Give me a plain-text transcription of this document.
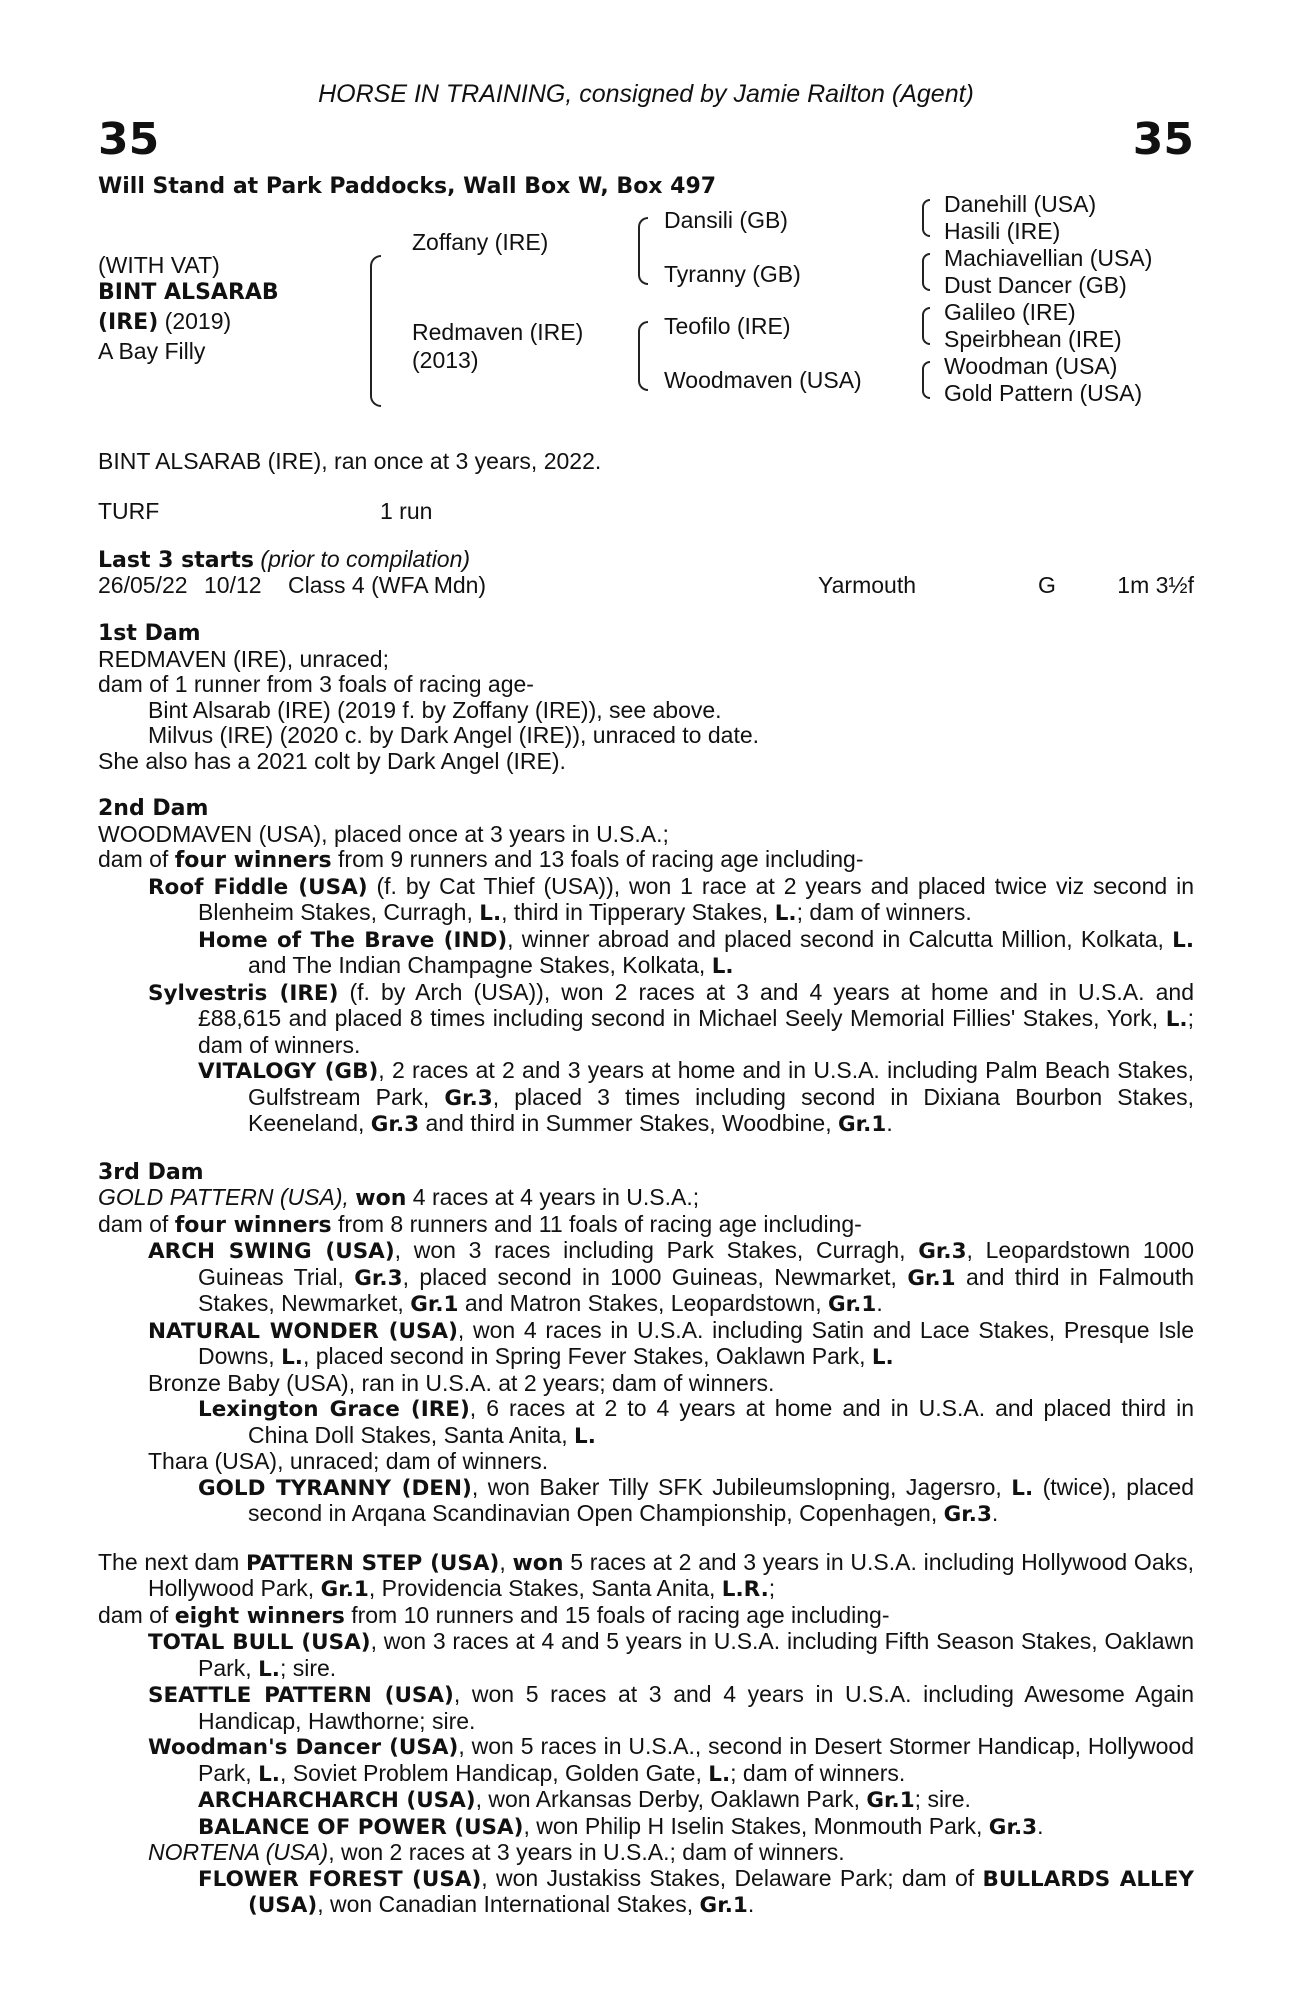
HORSE IN TRAINING, consigned by Jamie Railton (Agent)
35	35
Will Stand at Park Paddocks, Wall Box W, Box 497
(WITH VAT)
BINT ALSARAB
(IRE) (2019)
A Bay Filly
Zoffany (IRE)
Redmaven (IRE)
(2013)
Dansili (GB)
Tyranny (GB)
Teofilo (IRE)
Woodmaven (USA)
Danehill (USA)
Hasili (IRE)
Machiavellian (USA)
Dust Dancer (GB)
Galileo (IRE)
Speirbhean (IRE)
Woodman (USA)
Gold Pattern (USA)
BINT ALSARAB (IRE), ran once at 3 years, 2022.
TURF	1 run
Last 3 starts (prior to compilation)
26/05/22 10/12 Class 4 (WFA Mdn)	Yarmouth	G	1m 3½f
1st Dam
REDMAVEN (IRE), unraced;
dam of 1 runner from 3 foals of racing age-
Bint Alsarab (IRE) (2019 f. by Zoffany (IRE)), see above.
Milvus (IRE) (2020 c. by Dark Angel (IRE)), unraced to date.
She also has a 2021 colt by Dark Angel (IRE).
2nd Dam
WOODMAVEN (USA), placed once at 3 years in U.S.A.;
dam of four winners from 9 runners and 13 foals of racing age including-
Roof Fiddle (USA) (f. by Cat Thief (USA)), won 1 race at 2 years and placed twice viz second in Blenheim Stakes, Curragh, L., third in Tipperary Stakes, L.; dam of winners.
Home of The Brave (IND), winner abroad and placed second in Calcutta Million, Kolkata, L. and The Indian Champagne Stakes, Kolkata, L.
Sylvestris (IRE) (f. by Arch (USA)), won 2 races at 3 and 4 years at home and in U.S.A. and £88,615 and placed 8 times including second in Michael Seely Memorial Fillies' Stakes, York, L.; dam of winners.
VITALOGY (GB), 2 races at 2 and 3 years at home and in U.S.A. including Palm Beach Stakes, Gulfstream Park, Gr.3, placed 3 times including second in Dixiana Bourbon Stakes, Keeneland, Gr.3 and third in Summer Stakes, Woodbine, Gr.1.
3rd Dam
GOLD PATTERN (USA), won 4 races at 4 years in U.S.A.;
dam of four winners from 8 runners and 11 foals of racing age including-
ARCH SWING (USA), won 3 races including Park Stakes, Curragh, Gr.3, Leopardstown 1000 Guineas Trial, Gr.3, placed second in 1000 Guineas, Newmarket, Gr.1 and third in Falmouth Stakes, Newmarket, Gr.1 and Matron Stakes, Leopardstown, Gr.1.
NATURAL WONDER (USA), won 4 races in U.S.A. including Satin and Lace Stakes, Presque Isle Downs, L., placed second in Spring Fever Stakes, Oaklawn Park, L.
Bronze Baby (USA), ran in U.S.A. at 2 years; dam of winners.
Lexington Grace (IRE), 6 races at 2 to 4 years at home and in U.S.A. and placed third in China Doll Stakes, Santa Anita, L.
Thara (USA), unraced; dam of winners.
GOLD TYRANNY (DEN), won Baker Tilly SFK Jubileumslopning, Jagersro, L. (twice), placed second in Arqana Scandinavian Open Championship, Copenhagen, Gr.3.
The next dam PATTERN STEP (USA), won 5 races at 2 and 3 years in U.S.A. including Hollywood Oaks, Hollywood Park, Gr.1, Providencia Stakes, Santa Anita, L.R.;
dam of eight winners from 10 runners and 15 foals of racing age including-
TOTAL BULL (USA), won 3 races at 4 and 5 years in U.S.A. including Fifth Season Stakes, Oaklawn Park, L.; sire.
SEATTLE PATTERN (USA), won 5 races at 3 and 4 years in U.S.A. including Awesome Again Handicap, Hawthorne; sire.
Woodman's Dancer (USA), won 5 races in U.S.A., second in Desert Stormer Handicap, Hollywood Park, L., Soviet Problem Handicap, Golden Gate, L.; dam of winners.
ARCHARCHARCH (USA), won Arkansas Derby, Oaklawn Park, Gr.1; sire.
BALANCE OF POWER (USA), won Philip H Iselin Stakes, Monmouth Park, Gr.3.
NORTENA (USA), won 2 races at 3 years in U.S.A.; dam of winners.
FLOWER FOREST (USA), won Justakiss Stakes, Delaware Park; dam of BULLARDS ALLEY (USA), won Canadian International Stakes, Gr.1.
